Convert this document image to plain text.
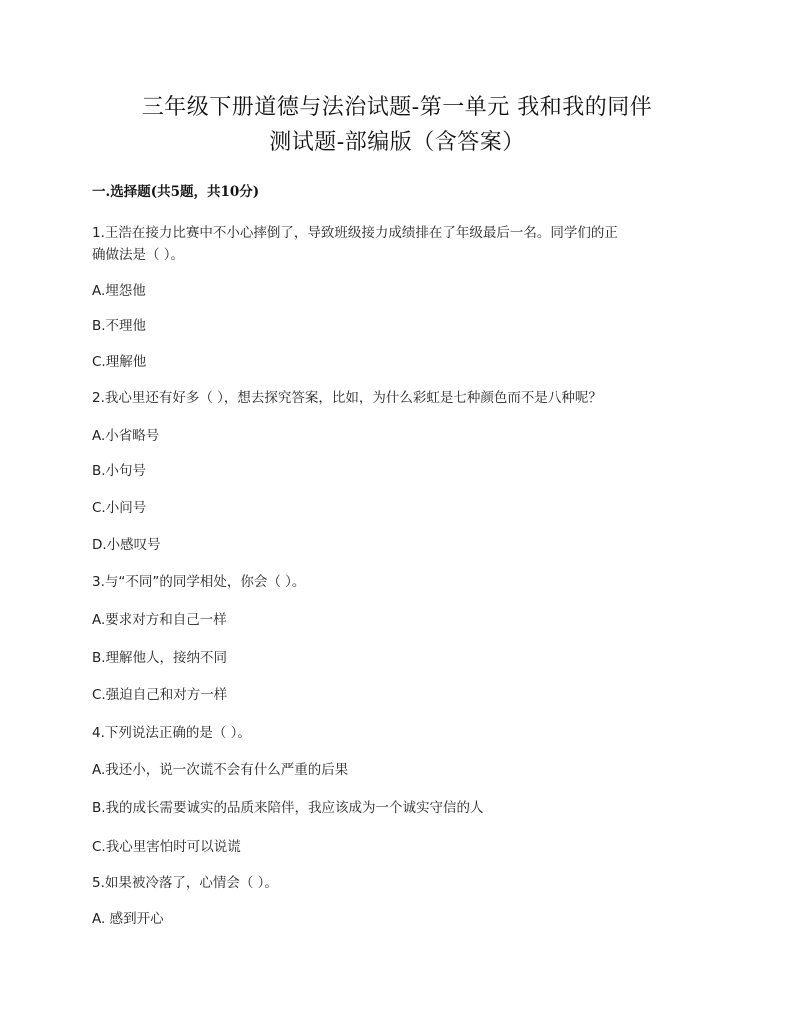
三年级下册道德与法治试题-第一单元 我和我的同伴
测试题-部编版（含答案）
一.选择题(共5题，共10分)
1.王浩在接力比赛中不小心摔倒了，导致班级接力成绩排在了年级最后一名。同学们的正
确做法是（ ）。
A.埋怨他
B.不理他
C.理解他
2.我心里还有好多（ ），想去探究答案，比如，为什么彩虹是七种颜色而不是八种呢？
A.小省略号
B.小句号
C.小问号
D.小感叹号
3.与“不同”的同学相处，你会（ ）。
A.要求对方和自己一样
B.理解他人，接纳不同
C.强迫自己和对方一样
4.下列说法正确的是（ ）。
A.我还小，说一次谎不会有什么严重的后果
B.我的成长需要诚实的品质来陪伴，我应该成为一个诚实守信的人
C.我心里害怕时可以说谎
5.如果被冷落了，心情会（ ）。
A. 感到开心
